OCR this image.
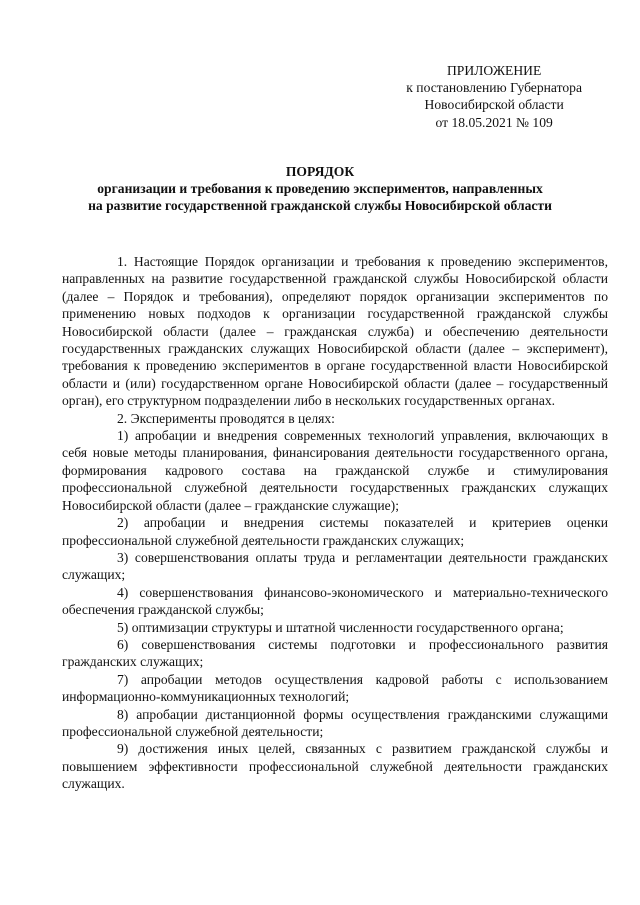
ПРИЛОЖЕНИЕ
к постановлению Губернатора
Новосибирской области
от 18.05.2021 № 109
ПОРЯДОК
организации и требования к проведению экспериментов, направленных
на развитие государственной гражданской службы Новосибирской области

1. Настоящие Порядок организации и требования к проведению экспериментов, направленных на развитие государственной гражданской службы Новосибирской области (далее – Порядок и требования), определяют порядок организации экспериментов по применению новых подходов к организации государственной гражданской службы Новосибирской области (далее – гражданская служба) и обеспечению деятельности государственных гражданских служащих Новосибирской области (далее – эксперимент), требования к проведению экспериментов в органе государственной власти Новосибирской области и (или) государственном органе Новосибирской области (далее – государственный орган), его структурном подразделении либо в нескольких государственных органах.

2. Эксперименты проводятся в целях:

1) апробации и внедрения современных технологий управления, включающих в себя новые методы планирования, финансирования деятельности государственного органа, формирования кадрового состава на гражданской службе и стимулирования профессиональной служебной деятельности государственных гражданских служащих Новосибирской области (далее – гражданские служащие);

2) апробации и внедрения системы показателей и критериев оценки профессиональной служебной деятельности гражданских служащих;

3) совершенствования оплаты труда и регламентации деятельности гражданских служащих;

4) совершенствования финансово-экономического и материально-технического обеспечения гражданской службы;

5) оптимизации структуры и штатной численности государственного органа;

6) совершенствования системы подготовки и профессионального развития гражданских служащих;

7) апробации методов осуществления кадровой работы с использованием информационно-коммуникационных технологий;

8) апробации дистанционной формы осуществления гражданскими служащими профессиональной служебной деятельности;

9) достижения иных целей, связанных с развитием гражданской службы и повышением эффективности профессиональной служебной деятельности гражданских служащих.
